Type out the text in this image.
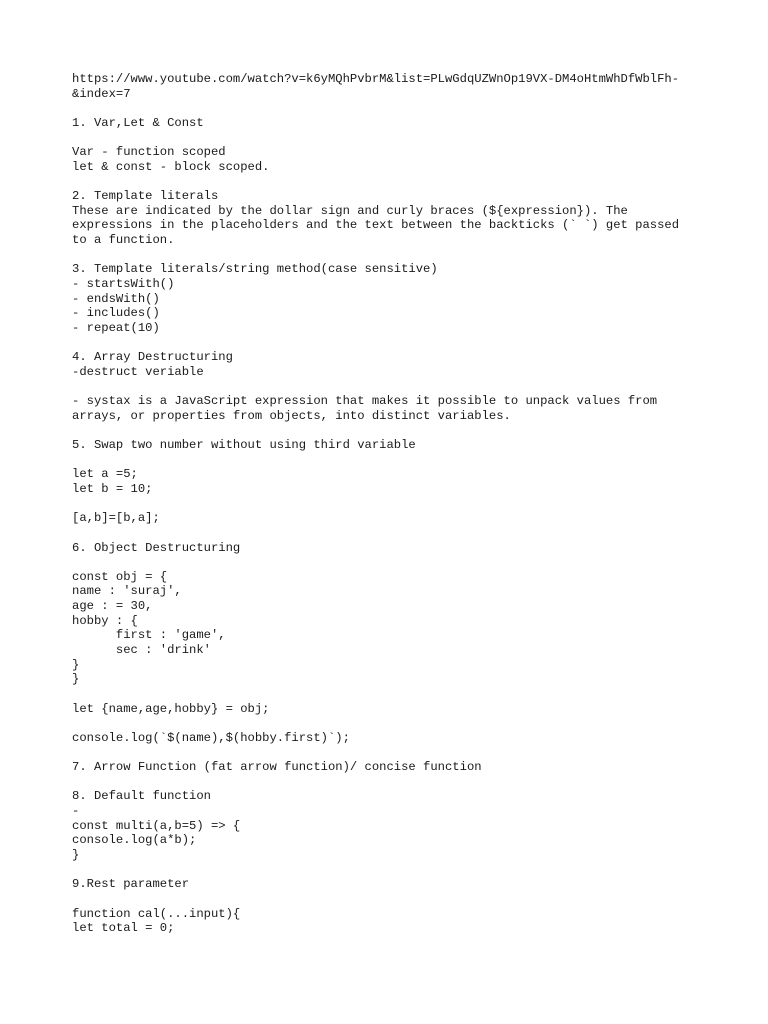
https://www.youtube.com/watch?v=k6yMQhPvbrM&list=PLwGdqUZWnOp19VX-DM4oHtmWhDfWblFh-
&index=7
1. Var,Let & Const
Var - function scoped
let & const - block scoped.
2. Template literals
These are indicated by the dollar sign and curly braces (${expression}). The
expressions in the placeholders and the text between the backticks (` `) get passed
to a function.
3. Template literals/string method(case sensitive)
- startsWith()
- endsWith()
- includes()
- repeat(10)
4. Array Destructuring
-destruct veriable
- systax is a JavaScript expression that makes it possible to unpack values from
arrays, or properties from objects, into distinct variables.
5. Swap two number without using third variable
let a =5;
let b = 10;
[a,b]=[b,a];
6. Object Destructuring
const obj = {
name : 'suraj',
age : = 30,
hobby : {
first : 'game',
sec : 'drink'
}
}
let {name,age,hobby} = obj;
console.log(`$(name),$(hobby.first)`);
7. Arrow Function (fat arrow function)/ concise function
8. Default function
-
const multi(a,b=5) => {
console.log(a*b);
}
9.Rest parameter
function cal(...input){
let total = 0;
